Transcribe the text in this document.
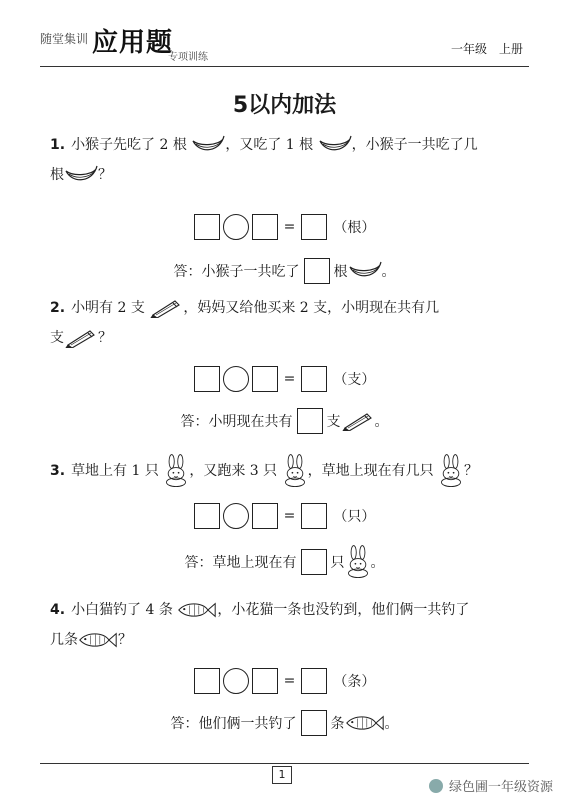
随堂集训 应用题
专项训练
一年级　上册
5以内加法
1. 小猴子先吃了 2 根	，又吃了 1 根	，小猴子一共吃了几
根 ？
=	（根）
答：小猴子一共吃了 根 。
2. 小明有 2 支	，妈妈又给他买来 2 支，小明现在共有几
支 ？
=	（支）
答：小明现在共有 支 。
3. 草地上有 1 只 ，又跑来 3 只 ，草地上现在有几只 ？
=	（只）
答：草地上现在有 只 。
4. 小白猫钓了 4 条	，小花猫一条也没钓到，他们俩一共钓了
几条	？
=	（条）
答：他们俩一共钓了 条	。
1
绿色圃一年级资源
